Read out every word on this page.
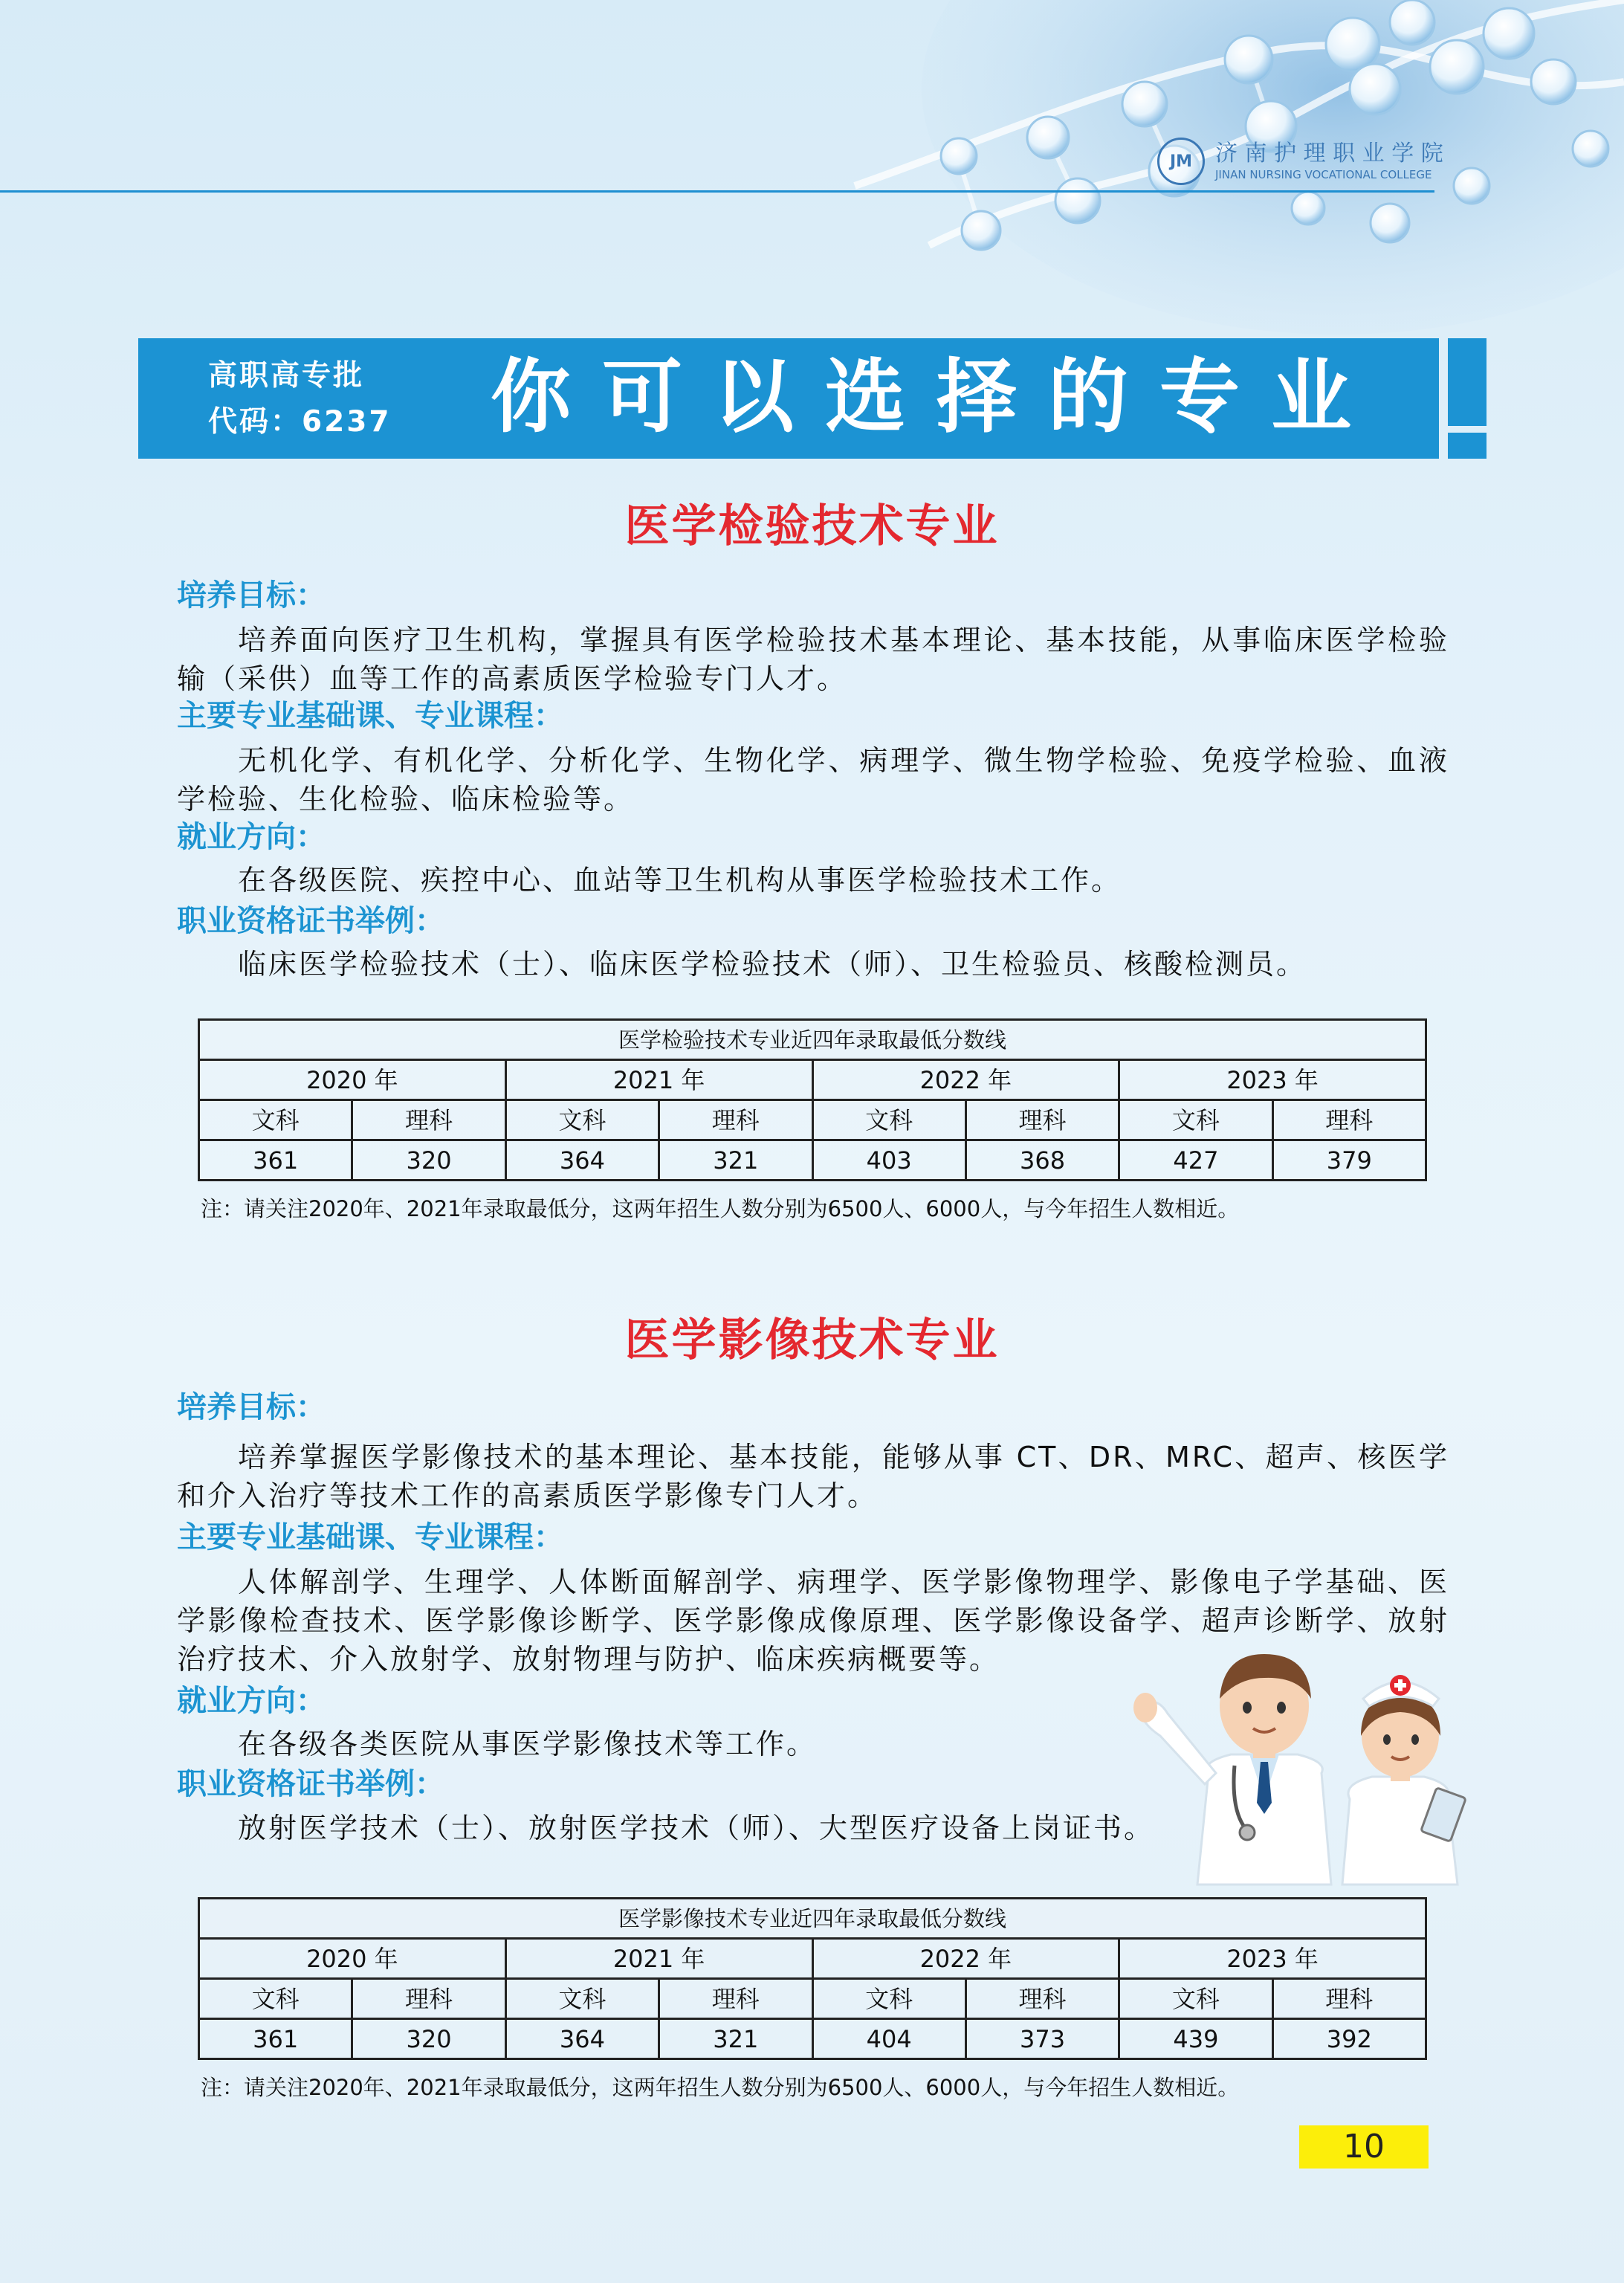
JM	济 南 护 理 职 业 学 院
JINAN NURSING VOCATIONAL COLLEGE
高职高专批
代码：6237 你可以选择的专业
医学检验技术专业
培养目标：

培养面向医疗卫生机构，掌握具有医学检验技术基本理论、基本技能，从事临床医学检验输（采供）血等工作的高素质医学检验专门人才。

主要专业基础课、专业课程：

无机化学、有机化学、分析化学、生物化学、病理学、微生物学检验、免疫学检验、血液学检验、生化检验、临床检验等。

就业方向：

在各级医院、疾控中心、血站等卫生机构从事医学检验技术工作。

职业资格证书举例：

临床医学检验技术（士）、临床医学检验技术（师）、卫生检验员、核酸检测员。

医学检验技术专业近四年录取最低分数线							
2020 年		2021 年		2022 年		2023 年	
文科	理科	文科	理科	文科	理科	文科	理科
361	320	364	321	403	368	427	379
注：请关注2020年、2021年录取最低分，这两年招生人数分别为6500人、6000人，与今年招生人数相近。
医学影像技术专业
培养目标：

培养掌握医学影像技术的基本理论、基本技能，能够从事 CT、DR、MRC、超声、核医学和介入治疗等技术工作的高素质医学影像专门人才。

主要专业基础课、专业课程：

人体解剖学、生理学、人体断面解剖学、病理学、医学影像物理学、影像电子学基础、医学影像检查技术、医学影像诊断学、医学影像成像原理、医学影像设备学、超声诊断学、放射治疗技术、介入放射学、放射物理与防护、临床疾病概要等。

就业方向：

在各级各类医院从事医学影像技术等工作。

职业资格证书举例：

放射医学技术（士）、放射医学技术（师）、大型医疗设备上岗证书。

医学影像技术专业近四年录取最低分数线							
2020 年		2021 年		2022 年		2023 年	
文科	理科	文科	理科	文科	理科	文科	理科
361	320	364	321	404	373	439	392
注：请关注2020年、2021年录取最低分，这两年招生人数分别为6500人、6000人，与今年招生人数相近。
10
